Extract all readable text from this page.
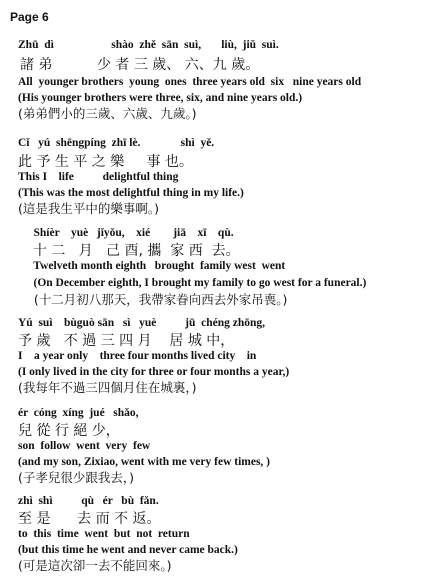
Page 6
Zhū  dì                    shào  zhě  sān  suì,       liù,  jiǔ  suì.
諸 弟          少 者 三 歲、 六、九 歲。
All  younger brothers  young  ones  three years old  six   nine years old
(His younger brothers were three, six, and nine years old.)
(弟弟們小的三歲、六歲、九歲。)
Cǐ   yú  shēngpíng  zhī lè.              shì  yě.
此 予 生 平 之 樂     事 也。
This I    life          delightful thing
(This was the most delightful thing in my life.)
(這是我生平中的樂事啊。)
Shíèr    yuè   jǐyǒu,    xié        jiā    xī    qù.
十 二   月   己 酉, 攜  家 西  去。
Twelveth month eighth   brought  family west  went
(On December eighth, I brought my family to go west for a funeral.)
(十二月初八那天，我帶家眷向西去外家吊喪。)
Yú  suì    bùguò sān   sì   yuè          jū  chéng zhōng,
予 歲   不 過 三 四 月    居 城 中，
I    a year only    three four months lived city    in
(I only lived in the city for three or four months a year,)
(我每年不過三四個月住在城裏，)
ér  cóng  xíng  jué   shǎo,
兒 從 行 絕 少，
son  follow  went  very  few
(and my son, Zixiao, went with me very few times, )
(子孝兒很少跟我去，)
zhì  shì          qù   ér   bù  fǎn.
至 是      去 而 不 返。
to  this  time  went  but  not  return
(but this time he went and never came back.)
(可是這次卻一去不能回來。)
